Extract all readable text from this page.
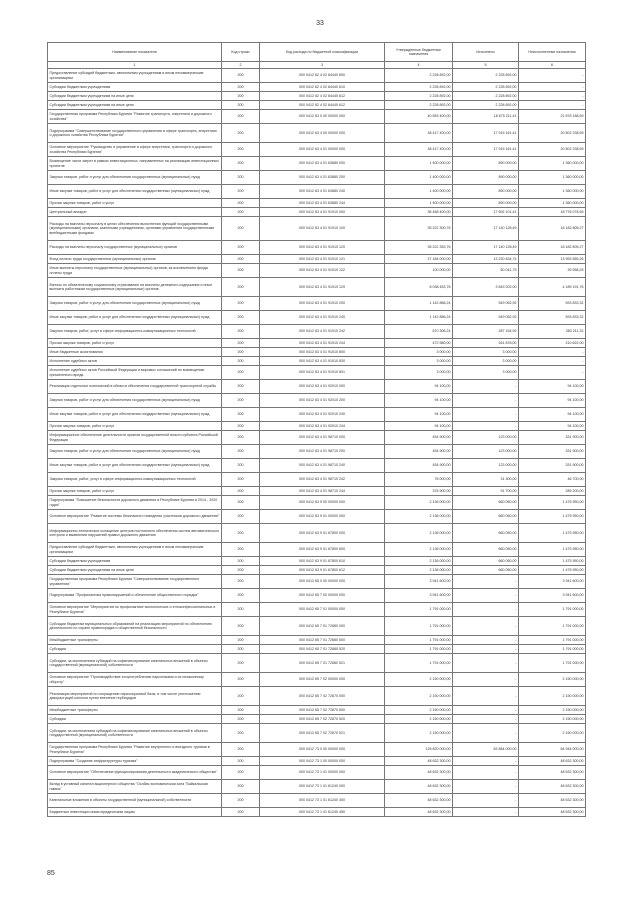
33
Наименование показателя	Код строки	Код расхода по бюджетной классификации	Утвержденные бюджетные назначения	Исполнено	Неисполненные назначения
1	2	3	4	5	6
Предоставление субсидий бюджетным, автономным учреждениям и иным некоммерческим организациям	200	000 0412 62 4 02 64440 600	2 228 892,00	2 228 892,00	-
Субсидии бюджетным учреждениям	200	000 0412 62 4 02 64440 610	2 228 892,00	2 228 892,00	-
Субсидии бюджетным учреждениям на иные цели	200	000 0412 62 4 02 64440 612	2 228 892,00	2 228 892,00	-
Субсидии бюджетным учреждениям на иные цели	200	000 0412 62 4 02 64440 612	2 228 892,00	2 228 892,00	-
Государственная программа Республики Бурятия "Развитие транспорта, энергетики и дорожного хозяйства"	200	000 0412 63 0 00 00000 000	40 553 400,00	18 675 211,41	21 878 188,59
Подпрограмма "Совершенствование государственного управления в сфере транспорта, энергетики и дорожного хозяйства Республики Бурятия"	200	000 0412 63 4 00 00000 000	38 417 400,00	17 915 161,41	20 502 238,59
Основное мероприятие "Руководство и управление в сфере энергетики, транспорта и дорожного хозяйства Республики Бурятия"	200	000 0412 63 4 01 00000 000	38 417 400,00	17 915 161,41	20 502 238,59
Возмещение части затрат в рамках инвестиционных, направленных на реализацию инвестиционных проектов	200	000 0412 63 4 01 63880 000	1 400 000,00	890 000,00	1 360 000,00
Закупка товаров, работ и услуг для обеспечения государственных (муниципальных) нужд	200	000 0412 63 4 01 63880 200	1 400 000,00	890 000,00	1 360 000,00
Иные закупки товаров, работ и услуг для обеспечения государственных (муниципальных) нужд	200	000 0412 63 4 01 63880 240	1 400 000,00	890 000,00	1 360 000,00
Прочая закупка товаров, работ и услуг	200	000 0412 63 4 01 63880 244	1 400 000,00	890 000,00	1 360 000,00
Центральный аппарат	200	000 0412 63 4 01 91010 000	36 468 400,00	17 692 101,41	18 776 078,59
Расходы на выплаты персоналу в целях обеспечения выполнения функций государственными (муниципальными) органами, казенными учреждениями, органами управления государственными внебюджетными фондами	200	000 0412 63 4 01 91010 100	35 222 300,76	17 140 128,49	18 182 805,27
Расходы на выплаты персоналу государственных (муниципальных) органов	200	000 0412 63 4 01 91010 120	35 222 353,76	17 140 128,49	18 182 805,27
Фонд оплаты труда государственных (муниципальных) органов	200	000 0412 63 4 01 91010 121	27 184 000,00	13 230 634,74	13 953 565,26
Иные выплаты персоналу государственных (муниципальных) органов, за исключением фонда оплаты труда	200	000 0412 63 4 01 91010 122	100 000,00	60 041,75	39 958,25
Взносы по обязательному социальному страхованию на выплаты денежного содержания и иные выплаты работникам государственных (муниципальных) органов	200	000 0412 63 4 01 91010 129	8 038 453,76	3 849 202,00	4 189 191,76
Закупка товаров, работ и услуг для обеспечения государственных (муниципальных) нужд	200	000 0412 63 4 01 91010 200	1 142 886,24	549 052,92	593 833,32
Иные закупки товаров, работ и услуг для обеспечения государственных (муниципальных) нужд	200	000 0412 63 4 01 91010 240	1 142 886,24	549 052,92	593 833,32
Закупка товаров, работ, услуг в сфере информационно-коммуникационных технологий	200	000 0412 63 4 01 91010 242	670 306,24	287 154,92	383 211,32
Прочая закупка товаров, работ и услуг	200	000 0412 63 4 01 91010 244	472 580,00	261 878,00	210 622,00
Иные бюджетные ассигнования	200	000 0412 63 4 01 91010 800	3 000,00	3 000,00	-
Исполнение судебных актов	200	000 0412 63 4 01 91010 830	3 000,00	3 000,00	-
Исполнение судебных актов Российской Федерации и мировых соглашений по возмещению причиненного вреда	200	000 0412 63 4 01 91010 831	3 000,00	3 000,00	-
Реализация отдельных полномочий в области обеспечения государственной транспортной службы	200	000 0412 63 4 01 92010 000	94 100,00	-	94 100,00
Закупка товаров, работ и услуг для обеспечения государственных (муниципальных) нужд	200	000 0412 63 4 01 92010 200	94 100,00	-	94 100,00
Иные закупки товаров, работ и услуг для обеспечения государственных (муниципальных) нужд	200	000 0412 63 4 01 92010 240	94 100,00	-	94 100,00
Прочая закупка товаров, работ и услуг	200	000 0412 63 4 01 92010 244	94 100,00	-	94 100,00
Информационное обеспечение деятельности органов государственной власти субъекта Российской Федерации	200	000 0412 63 4 01 98710 000	454 900,00	123 000,00	331 900,00
Закупка товаров, работ и услуг для обеспечения государственных (муниципальных) нужд	200	000 0412 63 4 01 98710 200	454 900,00	123 000,00	331 900,00
Иные закупки товаров, работ и услуг для обеспечения государственных (муниципальных) нужд	200	000 0412 63 4 01 98710 240	454 900,00	123 000,00	331 900,00
Закупка товаров, работ, услуг в сфере информационно-коммуникационных технологий	200	000 0412 63 4 01 98710 242	78 000,00	31 300,00	46 700,00
Прочая закупка товаров, работ и услуг	200	000 0412 63 4 01 98710 244	376 900,00	91 700,00	285 200,00
Подпрограмма "Повышение безопасности дорожного движения в Республике Бурятия в 2014 - 2020 годах"	200	000 0412 63 9 00 00000 000	2 136 000,00	660 050,00	1 475 950,00
Основное мероприятие "Развитие системы безопасного поведения участников дорожного движения"	200	000 0412 63 9 01 00000 000	2 136 000,00	660 050,00	1 475 950,00
Информационно-техническое оснащение центров постоянного обеспечения систем автоматического контроля и выявления нарушений правил дорожного движения	200	000 0412 63 9 01 67800 000	2 136 000,00	660 050,00	1 475 950,00
Предоставление субсидий бюджетным, автономным учреждениям и иным некоммерческим организациям	200	000 0412 63 9 01 67800 600	2 136 000,00	660 050,00	1 475 950,00
Субсидии бюджетным учреждениям	200	000 0412 63 9 01 67800 610	2 136 000,00	660 050,00	1 475 950,00
Субсидии бюджетным учреждениям на иные цели	200	000 0412 63 9 01 67800 612	2 136 000,00	660 050,00	1 475 950,00
Государственная программа Республики Бурятия "Совершенствование государственного управления"	200	000 0412 65 0 00 00000 000	3 941 600,00	-	3 941 600,00
Подпрограмма "Профилактика правонарушений и обеспечение общественного порядка"	200	000 0412 65 7 00 00000 000	3 941 600,00	-	3 941 600,00
Основное мероприятие "Мероприятия по профилактике экологических и этноконфессиональных в Республике Бурятия"	200	000 0412 65 7 01 00000 000	1 791 000,00	-	1 791 000,00
Субсидии бюджетам муниципальных образований на реализацию мероприятий по обеспечению деятельности по охране правопорядка и общественной безопасности	200	000 0412 65 7 01 72680 000	1 791 000,00	-	1 791 000,00
Межбюджетные трансферты	200	000 0412 65 7 01 72680 500	1 791 000,00	-	1 791 000,00
Субсидии	200	000 0412 65 7 01 72680 520	1 791 000,00	-	1 791 000,00
Субсидии, за исключением субсидий на софинансирование капитальных вложений в объекты государственной (муниципальной) собственности	200	000 0412 65 7 01 72680 521	1 791 000,00	-	1 791 000,00
Основное мероприятие "Противодействие злоупотреблению наркотиками и их незаконному обороту"	200	000 0412 65 7 02 00000 000	2 150 000,00	-	2 150 000,00
Реализация мероприятий по сокращению наркосырьевой базы, в том числе уничтожению дикорастущей конопли путем внесения гербицидов	200	000 0412 65 7 02 72670 000	2 150 000,00	-	2 150 000,00
Межбюджетные трансферты	200	000 0412 65 7 02 72670 500	2 150 000,00	-	2 150 000,00
Субсидии	200	000 0412 65 7 02 72670 520	2 150 000,00	-	2 150 000,00
Субсидии, за исключением субсидий на софинансирование капитальных вложений в объекты государственной (муниципальной) собственности	200	000 0412 65 7 02 72670 521	2 150 000,00	-	2 150 000,00
Государственная программа Республики Бурятия "Развитие внутреннего и въездного туризма в Республике Бурятия"	200	000 0412 73 0 00 00000 000	128 820 000,00	63 884 000,00	64 944 000,00
Подпрограмма "Создание инфраструктуры туризма"	200	000 0412 73 1 00 00000 000	48 632 300,00	-	48 632 300,00
Основное мероприятие "Обеспечение функционирования деятельности академического общества"	200	000 0412 73 1 01 00000 000	48 632 300,00	-	48 632 300,00
Вклад в уставный капитал акционерного общества "Особая экономическая зона "Байкальская гавань"	200	000 0412 73 1 01 61240 000	48 632 300,00	-	48 632 300,00
Капитальные вложения в объекты государственной (муниципальной) собственности	200	000 0412 73 1 01 61240 400	48 632 300,00	-	48 632 300,00
Бюджетные инвестиции иным юридическим лицам	200	000 0412 73 1 01 61240 450	48 632 300,00	-	48 632 300,00
85
